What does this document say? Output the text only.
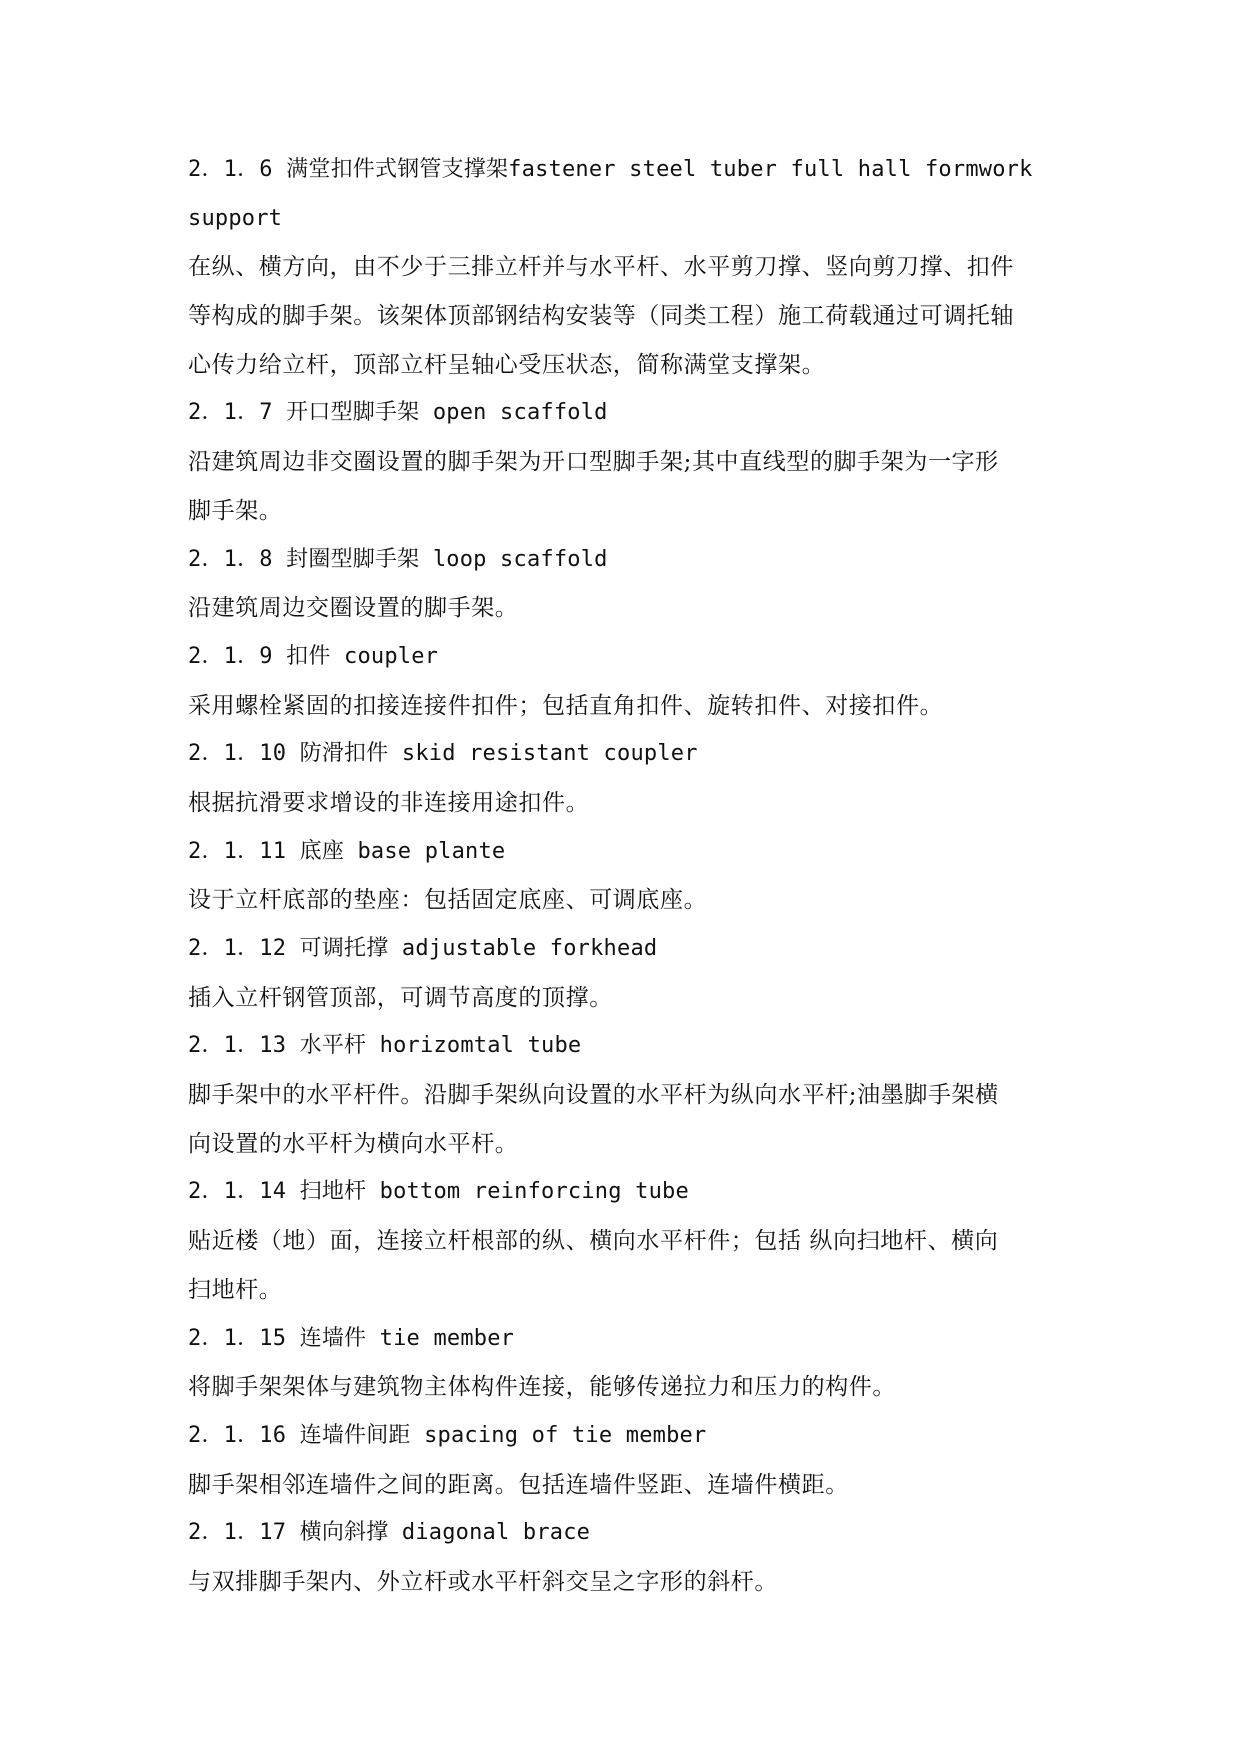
2．1．6 满堂扣件式钢管支撑架fastener steel tuber full hall formwork
support
在纵、横方向，由不少于三排立杆并与水平杆、水平剪刀撑、竖向剪刀撑、扣件
等构成的脚手架。该架体顶部钢结构安装等（同类工程）施工荷载通过可调托轴
心传力给立杆，顶部立杆呈轴心受压状态，简称满堂支撑架。
2．1．7 开口型脚手架 open scaffold
沿建筑周边非交圈设置的脚手架为开口型脚手架;其中直线型的脚手架为一字形
脚手架。
2．1．8 封圈型脚手架 loop scaffold
沿建筑周边交圈设置的脚手架。
2．1．9 扣件 coupler
采用螺栓紧固的扣接连接件扣件；包括直角扣件、旋转扣件、对接扣件。
2．1．10 防滑扣件 skid resistant coupler
根据抗滑要求增设的非连接用途扣件。
2．1．11 底座 base plante
设于立杆底部的垫座：包括固定底座、可调底座。
2．1．12 可调托撑 adjustable forkhead
插入立杆钢管顶部，可调节高度的顶撑。
2．1．13 水平杆 horizomtal tube
脚手架中的水平杆件。沿脚手架纵向设置的水平杆为纵向水平杆;油墨脚手架横
向设置的水平杆为横向水平杆。
2．1．14 扫地杆 bottom reinforcing tube
贴近楼（地）面，连接立杆根部的纵、横向水平杆件；包括 纵向扫地杆、横向
扫地杆。
2．1．15 连墙件 tie member
将脚手架架体与建筑物主体构件连接，能够传递拉力和压力的构件。
2．1．16 连墙件间距 spacing of tie member
脚手架相邻连墙件之间的距离。包括连墙件竖距、连墙件横距。
2．1．17 横向斜撑 diagonal brace
与双排脚手架内、外立杆或水平杆斜交呈之字形的斜杆。
